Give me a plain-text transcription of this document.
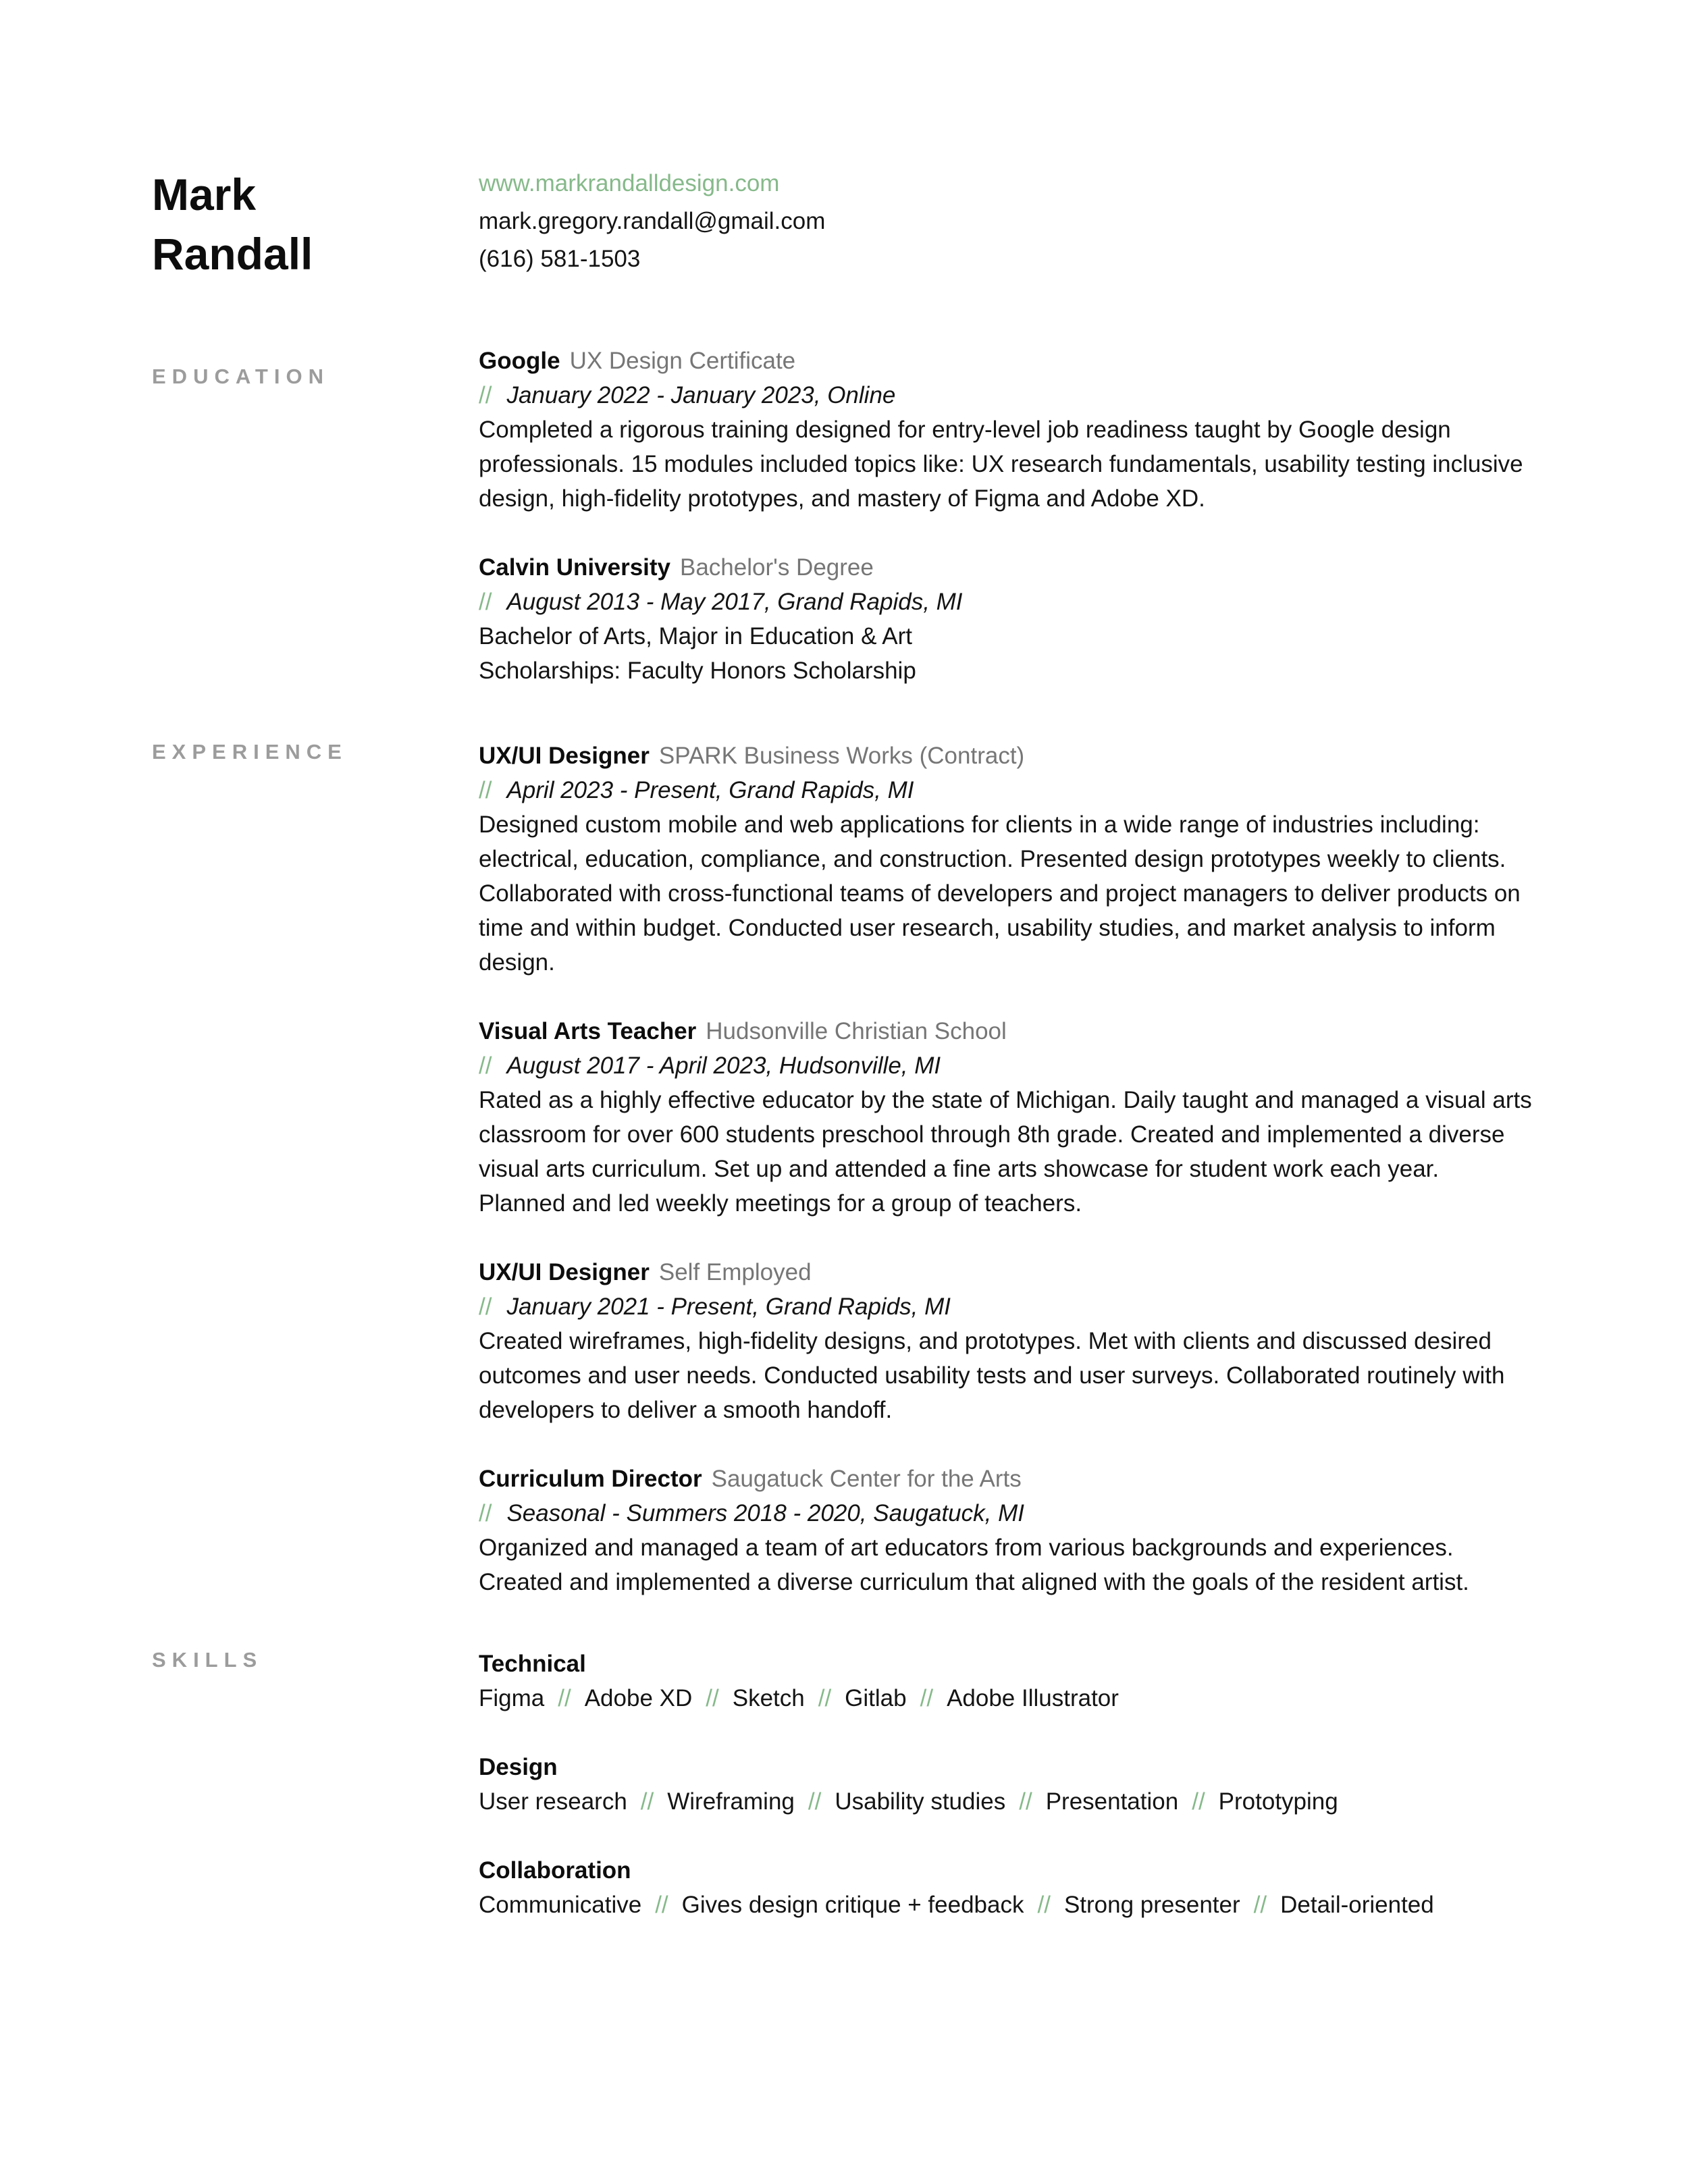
Mark
Randall
www.markrandalldesign.com
mark.gregory.randall@gmail.com
(616) 581-1503
EDUCATION
Google UX Design Certificate
// January 2022 - January 2023, Online
Completed a rigorous training designed for entry-level job readiness taught by Google design professionals. 15 modules included topics like: UX research fundamentals, usability testing inclusive design, high-fidelity prototypes, and mastery of Figma and Adobe XD.
Calvin University Bachelor's Degree
// August 2013 - May 2017, Grand Rapids, MI
Bachelor of Arts, Major in Education & Art
Scholarships: Faculty Honors Scholarship
EXPERIENCE	UX/UI Designer SPARK Business Works (Contract)
// April 2023 - Present, Grand Rapids, MI
Designed custom mobile and web applications for clients in a wide range of industries including: electrical, education, compliance, and construction. Presented design prototypes weekly to clients. Collaborated with cross-functional teams of developers and project managers to deliver products on time and within budget. Conducted user research, usability studies, and market analysis to inform design.
Visual Arts Teacher Hudsonville Christian School
// August 2017 - April 2023, Hudsonville, MI
Rated as a highly effective educator by the state of Michigan. Daily taught and managed a visual arts classroom for over 600 students preschool through 8th grade. Created and implemented a diverse visual arts curriculum. Set up and attended a fine arts showcase for student work each year. Planned and led weekly meetings for a group of teachers.
UX/UI Designer Self Employed
// January 2021 - Present, Grand Rapids, MI
Created wireframes, high-fidelity designs, and prototypes. Met with clients and discussed desired outcomes and user needs. Conducted usability tests and user surveys. Collaborated routinely with developers to deliver a smooth handoff.
Curriculum Director Saugatuck Center for the Arts
// Seasonal - Summers 2018 - 2020, Saugatuck, MI
Organized and managed a team of art educators from various backgrounds and experiences. Created and implemented a diverse curriculum that aligned with the goals of the resident artist.
SKILLS	Technical
Figma // Adobe XD // Sketch // Gitlab // Adobe Illustrator
Design
User research // Wireframing // Usability studies // Presentation // Prototyping
Collaboration
Communicative // Gives design critique + feedback // Strong presenter // Detail-oriented
